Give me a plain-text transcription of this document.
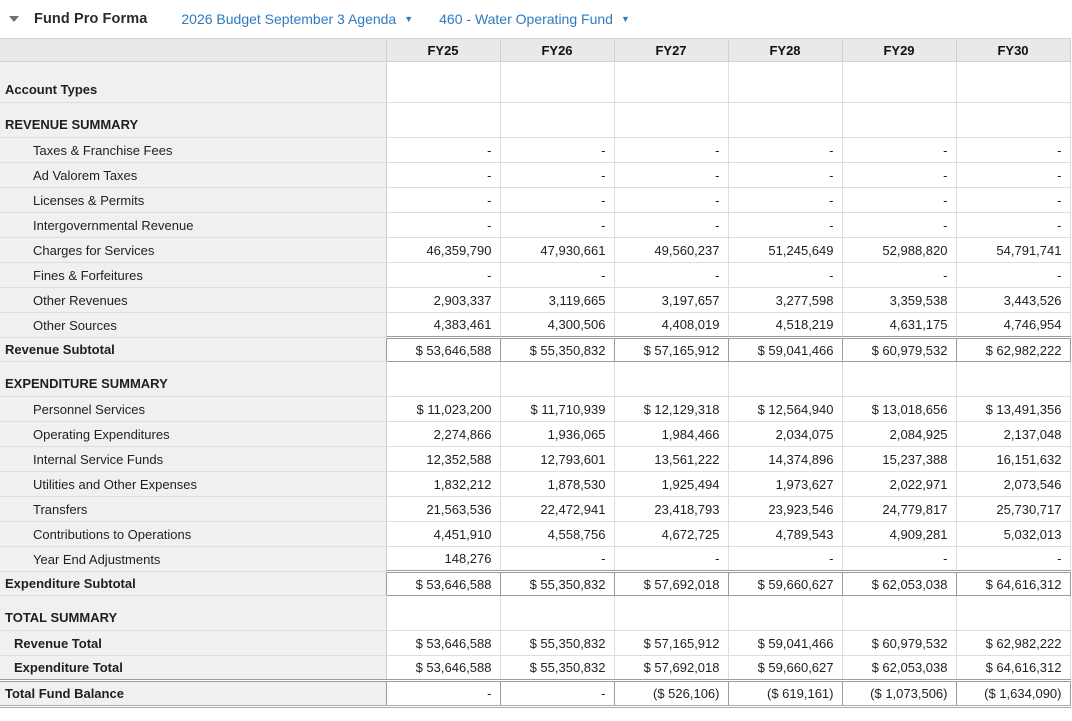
Fund Pro Forma 2026 Budget September 3 Agenda ▼ 460 - Water Operating Fund ▼
	FY25	FY26	FY27	FY28	FY29	FY30
Account Types						
REVENUE SUMMARY						
Taxes & Franchise Fees	-	-	-	-	-	-
Ad Valorem Taxes	-	-	-	-	-	-
Licenses & Permits	-	-	-	-	-	-
Intergovernmental Revenue	-	-	-	-	-	-
Charges for Services	46,359,790	47,930,661	49,560,237	51,245,649	52,988,820	54,791,741
Fines & Forfeitures	-	-	-	-	-	-
Other Revenues	2,903,337	3,119,665	3,197,657	3,277,598	3,359,538	3,443,526
Other Sources	4,383,461	4,300,506	4,408,019	4,518,219	4,631,175	4,746,954
Revenue Subtotal	$ 53,646,588	$ 55,350,832	$ 57,165,912	$ 59,041,466	$ 60,979,532	$ 62,982,222
EXPENDITURE SUMMARY						
Personnel Services	$ 11,023,200	$ 11,710,939	$ 12,129,318	$ 12,564,940	$ 13,018,656	$ 13,491,356
Operating Expenditures	2,274,866	1,936,065	1,984,466	2,034,075	2,084,925	2,137,048
Internal Service Funds	12,352,588	12,793,601	13,561,222	14,374,896	15,237,388	16,151,632
Utilities and Other Expenses	1,832,212	1,878,530	1,925,494	1,973,627	2,022,971	2,073,546
Transfers	21,563,536	22,472,941	23,418,793	23,923,546	24,779,817	25,730,717
Contributions to Operations	4,451,910	4,558,756	4,672,725	4,789,543	4,909,281	5,032,013
Year End Adjustments	148,276	-	-	-	-	-
Expenditure Subtotal	$ 53,646,588	$ 55,350,832	$ 57,692,018	$ 59,660,627	$ 62,053,038	$ 64,616,312
TOTAL SUMMARY						
Revenue Total	$ 53,646,588	$ 55,350,832	$ 57,165,912	$ 59,041,466	$ 60,979,532	$ 62,982,222
Expenditure Total	$ 53,646,588	$ 55,350,832	$ 57,692,018	$ 59,660,627	$ 62,053,038	$ 64,616,312
Total Fund Balance	-	-	($ 526,106)	($ 619,161)	($ 1,073,506)	($ 1,634,090)
